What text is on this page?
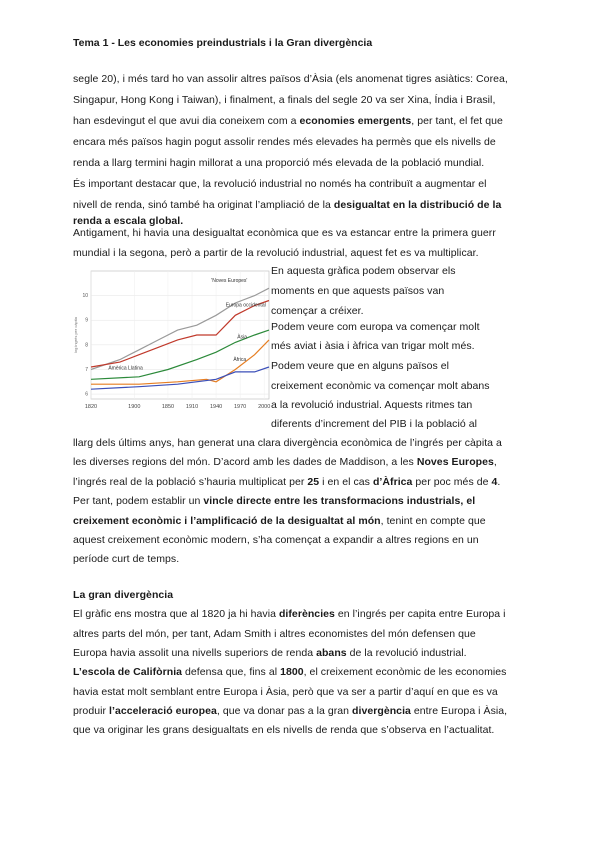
Tema 1 - Les economies preindustrials i la Gran divergència
segle 20), i més tard ho van assolir altres països d’Àsia (els anomenat tigres asiàtics: Corea,
Singapur, Hong Kong i Taiwan), i finalment, a finals del segle 20 va ser Xina, Índia i Brasil,
han esdevingut el que avui dia coneixem com a economies emergents, per tant, el fet que
encara més països hagin pogut assolir rendes més elevades ha permès que els nivells de
renda a llarg termini hagin millorat a una proporció més elevada de la població mundial.
És important destacar que, la revolució industrial no només ha contribuït a augmentar el
nivell de renda, sinó també ha originat l’ampliació de la desigualtat en la distribució de la
renda a escala global.
Antigament, hi havia una desigualtat econòmica que es va estancar entre la primera guerr
mundial i la segona, però a partir de la revolució industrial, aquest fet es va multiplicar.
6
7
8
9
10
1820	1900	1850 1910 1940 1970 2000
'Noves Europes'
Europa occidental
Àsia
Amèrica Llatina
Àfrica
log ingrés per càpita
En aquesta gràfica podem observar els
moments en que aquests països van
començar a créixer.
Podem veure com europa va començar molt
més aviat i àsia i àfrica van trigar molt més.
Podem veure que en alguns països el
creixement econòmic va començar molt abans
a la revolució industrial. Aquests ritmes tan
diferents d’increment del PIB i la població al
llarg dels últims anys, han generat una clara divergència econòmica de l’ingrés per càpita a
les diverses regions del món. D’acord amb les dades de Maddison, a les Noves Europes,
l’ingrés real de la població s’hauria multiplicat per 25 i en el cas d’Àfrica per poc més de 4.
Per tant, podem establir un vincle directe entre les transformacions industrials, el
creixement econòmic i l’amplificació de la desigualtat al món, tenint en compte que
aquest creixement econòmic modern, s’ha començat a expandir a altres regions en un
període curt de temps.
La gran divergència
El gràfic ens mostra que al 1820 ja hi havia diferències en l’ingrés per capita entre Europa i
altres parts del món, per tant, Adam Smith i altres economistes del món defensen que
Europa havia assolit una nivells superiors de renda abans de la revolució industrial.
L’escola de Califòrnia defensa que, fins al 1800, el creixement econòmic de les economies
havia estat molt semblant entre Europa i Àsia, però que va ser a partir d’aquí en que es va
produir l’acceleració europea, que va donar pas a la gran divergència entre Europa i Àsia,
que va originar les grans desigualtats en els nivells de renda que s’observa en l’actualitat.
